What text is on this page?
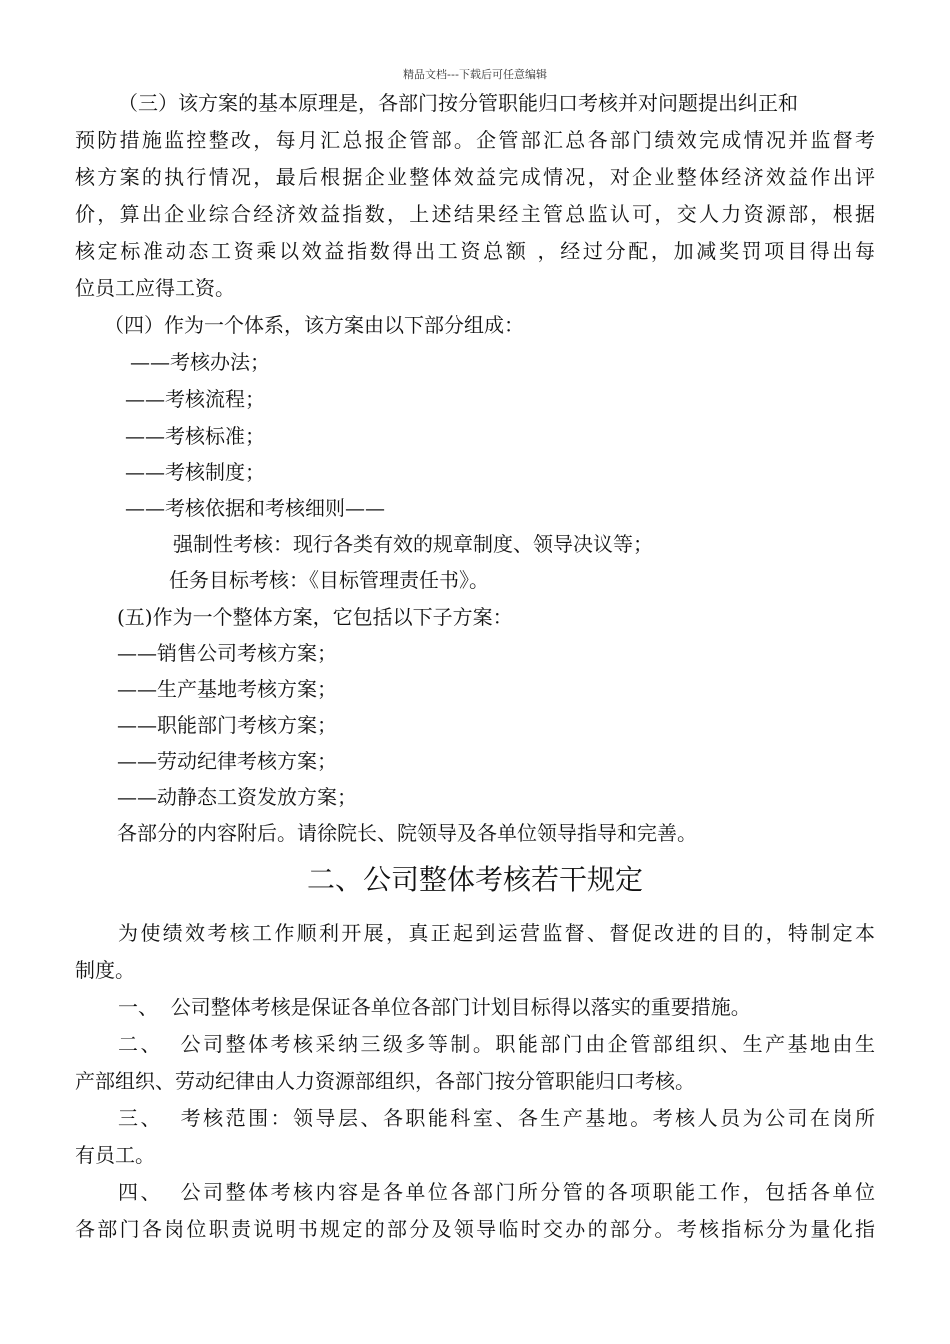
精品文档---下载后可任意编辑
（三）该方案的基本原理是，各部门按分管职能归口考核并对问题提出纠正和
预防措施监控整改，每月汇总报企管部。企管部汇总各部门绩效完成情况并监督考
核方案的执行情况，最后根据企业整体效益完成情况，对企业整体经济效益作出评
价，算出企业综合经济效益指数，上述结果经主管总监认可，交人力资源部，根据
核定标准动态工资乘以效益指数得出工资总额 ，经过分配，加减奖罚项目得出每
位员工应得工资。
（四）作为一个体系，该方案由以下部分组成：
——考核办法；
——考核流程；
——考核标准；
——考核制度；
——考核依据和考核细则——
强制性考核：现行各类有效的规章制度、领导决议等；
任务目标考核：《目标管理责任书》。
(五)作为一个整体方案，它包括以下子方案：
——销售公司考核方案；
——生产基地考核方案；
——职能部门考核方案；
——劳动纪律考核方案；
——动静态工资发放方案；
各部分的内容附后。请徐院长、院领导及各单位领导指导和完善。
二、公司整体考核若干规定
为使绩效考核工作顺利开展，真正起到运营监督、督促改进的目的，特制定本
制度。
一、  公司整体考核是保证各单位各部门计划目标得以落实的重要措施。
二、  公司整体考核采纳三级多等制。职能部门由企管部组织、生产基地由生
产部组织、劳动纪律由人力资源部组织，各部门按分管职能归口考核。
三、  考核范围：领导层、各职能科室、各生产基地。考核人员为公司在岗所
有员工。
四、  公司整体考核内容是各单位各部门所分管的各项职能工作，包括各单位
各部门各岗位职责说明书规定的部分及领导临时交办的部分。考核指标分为量化指
